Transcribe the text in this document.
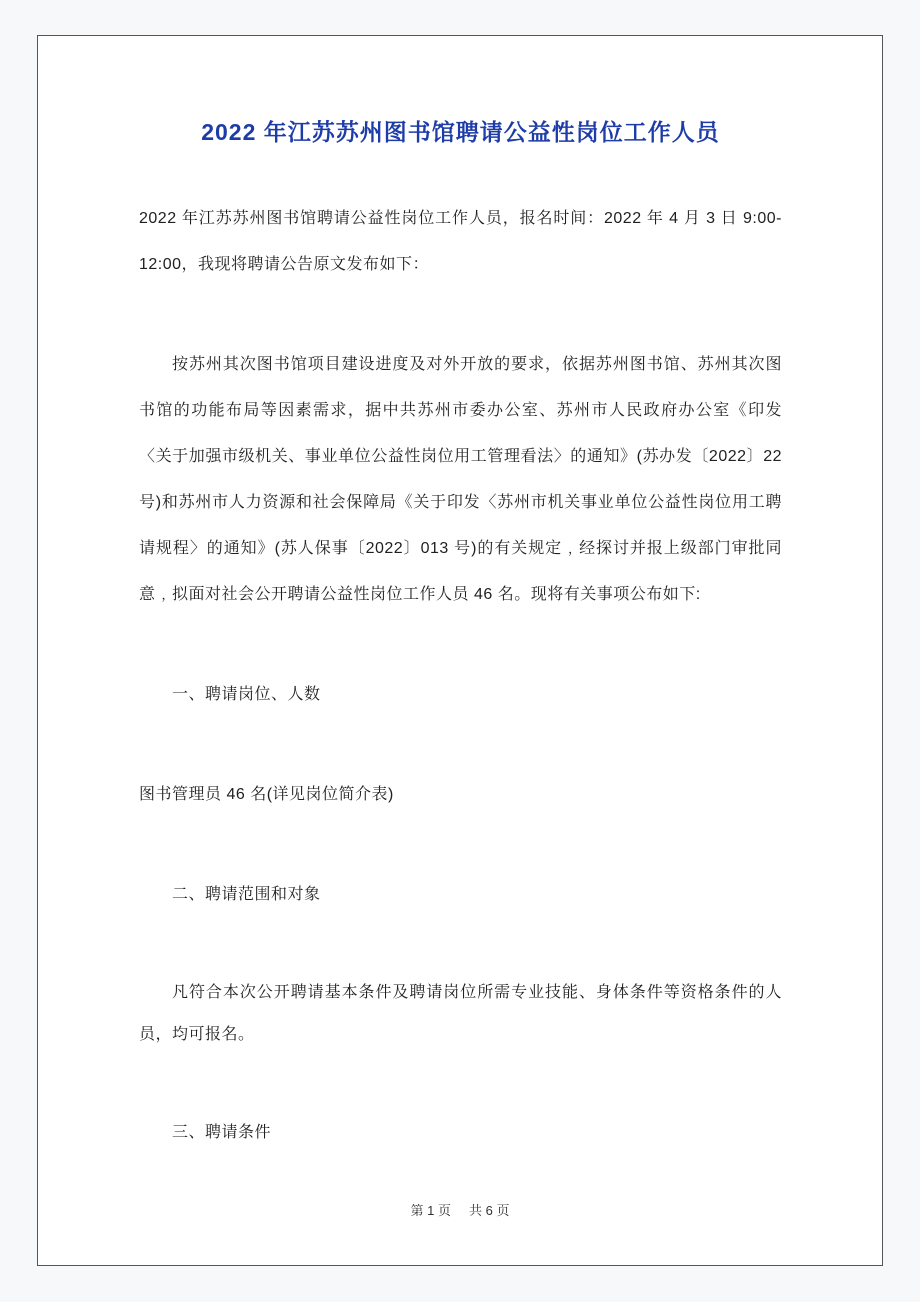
2022 年江苏苏州图书馆聘请公益性岗位工作人员

2022 年江苏苏州图书馆聘请公益性岗位工作人员，报名时间：2022 年 4 月 3 日 9:00-12:00，我现将聘请公告原文发布如下：

按苏州其次图书馆项目建设进度及对外开放的要求，依据苏州图书馆、苏州其次图书馆的功能布局等因素需求，据中共苏州市委办公室、苏州市人民政府办公室《印发〈关于加强市级机关、事业单位公益性岗位用工管理看法〉的通知》(苏办发〔2022〕22 号)和苏州市人力资源和社会保障局《关于印发〈苏州市机关事业单位公益性岗位用工聘请规程〉的通知》(苏人保事〔2022〕013 号)的有关规定﹐经探讨并报上级部门审批同意﹐拟面对社会公开聘请公益性岗位工作人员 46 名。现将有关事项公布如下:

一、聘请岗位、人数

图书管理员 46 名(详见岗位简介表)

二、聘请范围和对象

凡符合本次公开聘请基本条件及聘请岗位所需专业技能、身体条件等资格条件的人员，均可报名。

三、聘请条件

第 1 页 共 6 页
